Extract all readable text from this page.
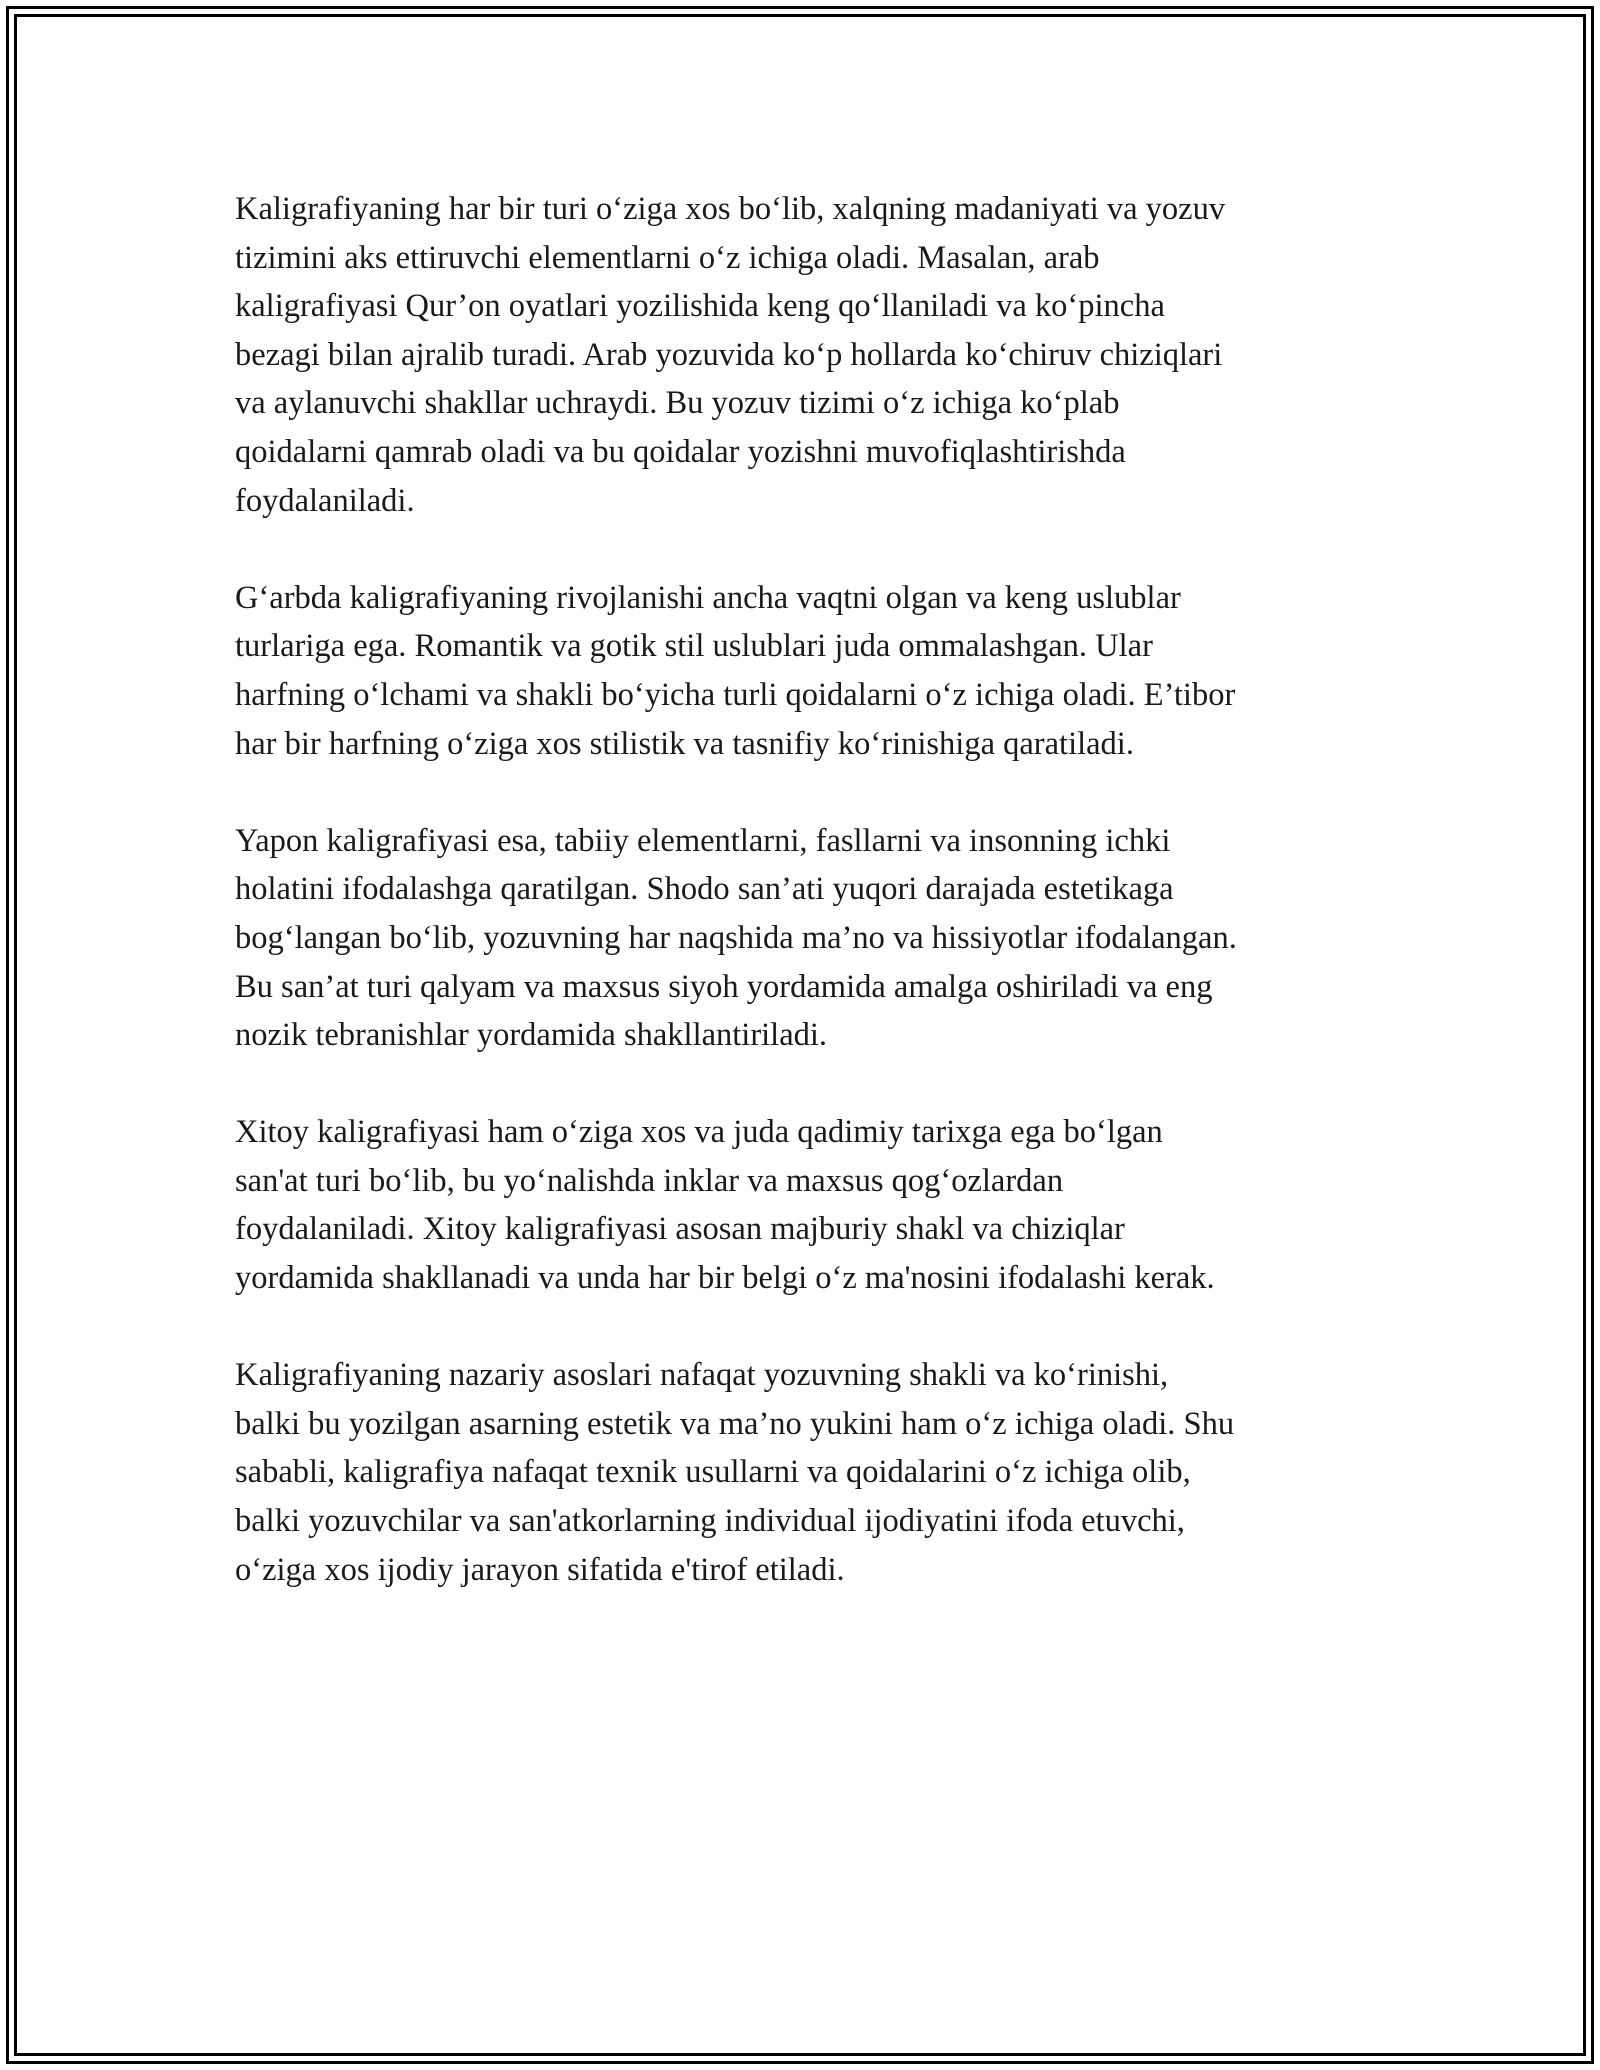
Kaligrafiyaning har bir turi o‘ziga xos bo‘lib, xalqning madaniyati va yozuv
tizimini aks ettiruvchi elementlarni o‘z ichiga oladi. Masalan, arab
kaligrafiyasi Qur’on oyatlari yozilishida keng qo‘llaniladi va ko‘pincha
bezagi bilan ajralib turadi. Arab yozuvida ko‘p hollarda ko‘chiruv chiziqlari
va aylanuvchi shakllar uchraydi. Bu yozuv tizimi o‘z ichiga ko‘plab
qoidalarni qamrab oladi va bu qoidalar yozishni muvofiqlashtirishda
foydalaniladi.

G‘arbda kaligrafiyaning rivojlanishi ancha vaqtni olgan va keng uslublar
turlariga ega. Romantik va gotik stil uslublari juda ommalashgan. Ular
harfning o‘lchami va shakli bo‘yicha turli qoidalarni o‘z ichiga oladi. E’tibor
har bir harfning o‘ziga xos stilistik va tasnifiy ko‘rinishiga qaratiladi.

Yapon kaligrafiyasi esa, tabiiy elementlarni, fasllarni va insonning ichki
holatini ifodalashga qaratilgan. Shodo san’ati yuqori darajada estetikaga
bog‘langan bo‘lib, yozuvning har naqshida ma’no va hissiyotlar ifodalangan.
Bu san’at turi qalyam va maxsus siyoh yordamida amalga oshiriladi va eng
nozik tebranishlar yordamida shakllantiriladi.

Xitoy kaligrafiyasi ham o‘ziga xos va juda qadimiy tarixga ega bo‘lgan
san'at turi bo‘lib, bu yo‘nalishda inklar va maxsus qog‘ozlardan
foydalaniladi. Xitoy kaligrafiyasi asosan majburiy shakl va chiziqlar
yordamida shakllanadi va unda har bir belgi o‘z ma'nosini ifodalashi kerak.

Kaligrafiyaning nazariy asoslari nafaqat yozuvning shakli va ko‘rinishi,
balki bu yozilgan asarning estetik va ma’no yukini ham o‘z ichiga oladi. Shu
sababli, kaligrafiya nafaqat texnik usullarni va qoidalarini o‘z ichiga olib,
balki yozuvchilar va san'atkorlarning individual ijodiyatini ifoda etuvchi,
o‘ziga xos ijodiy jarayon sifatida e'tirof etiladi.
